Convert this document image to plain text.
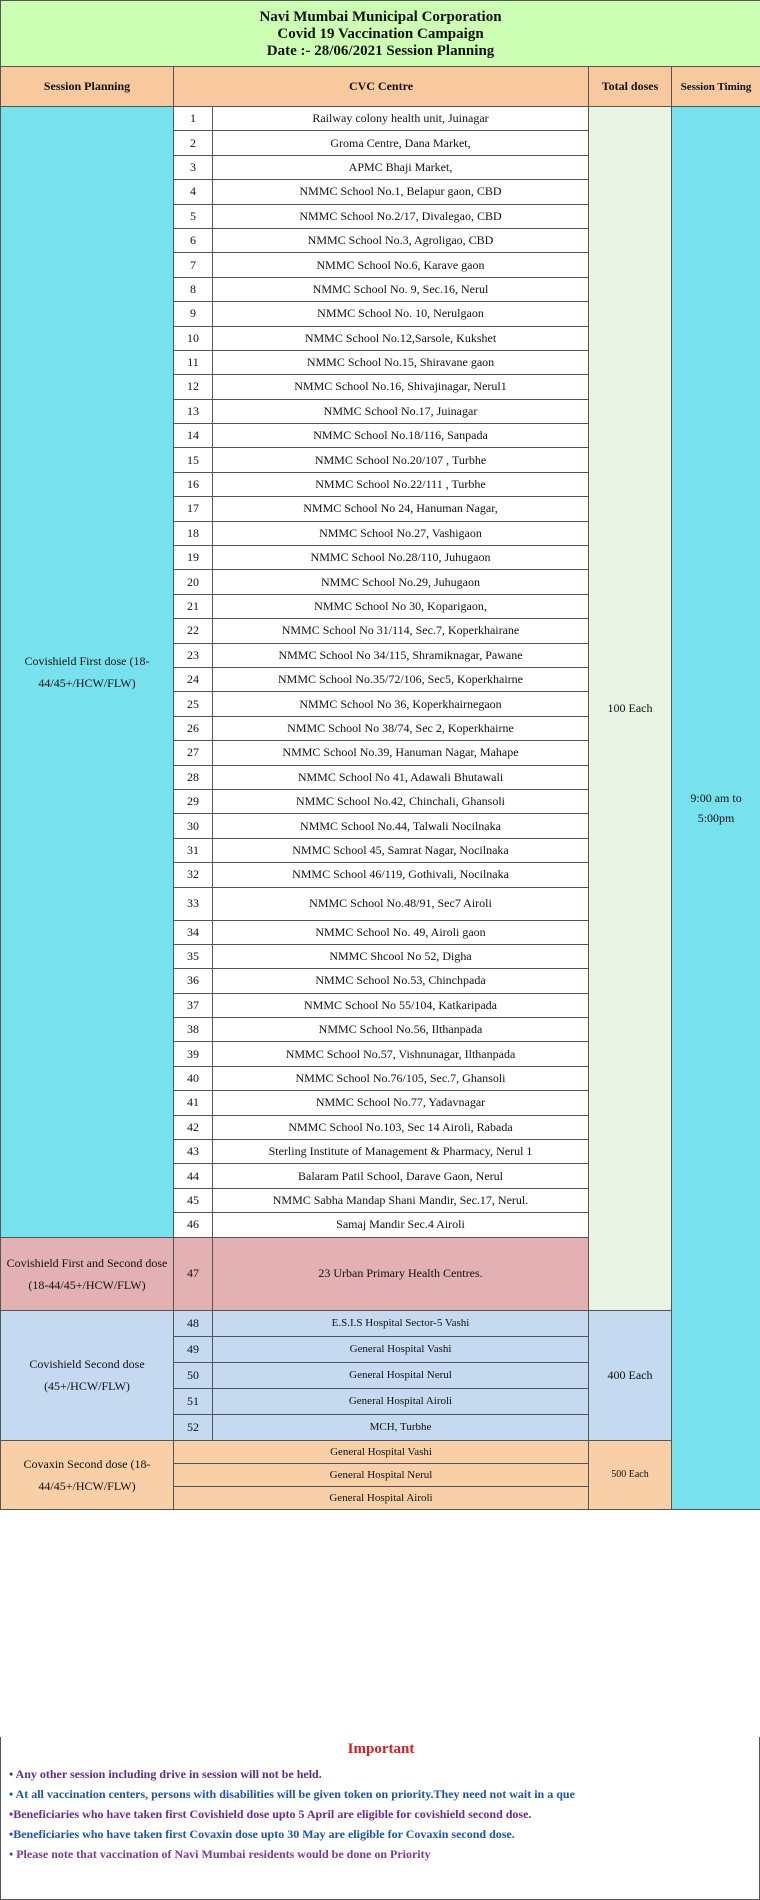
Navi Mumbai Municipal Corporation
Covid 19 Vaccination Campaign
Date :- 28/06/2021 Session Planning					

Session Planning	CVC Centre		Total doses	Session Timing	
Covishield First dose (18-44/45+/HCW/FLW)	1	Railway colony health unit, Juinagar	100 Each	9:00 am to 5:00pm	
	2	Groma Centre, Dana Market,			
	3	APMC Bhaji Market,			
	4	NMMC School No.1, Belapur gaon, CBD			
	5	NMMC School No.2/17, Divalegao, CBD			
	6	NMMC School No.3, Agroligao, CBD			
	7	NMMC School No.6, Karave gaon			
	8	NMMC School No. 9, Sec.16, Nerul			
	9	NMMC School No. 10, Nerulgaon			
	10	NMMC School No.12,Sarsole, Kukshet			
	11	NMMC School No.15, Shiravane gaon			
	12	NMMC School No.16, Shivajinagar, Nerul1			
	13	NMMC School No.17, Juinagar			
	14	NMMC School No.18/116, Sanpada			
	15	NMMC School No.20/107 , Turbhe			
	16	NMMC School No.22/111 , Turbhe			
	17	NMMC School No 24, Hanuman Nagar,			
	18	NMMC School No.27, Vashigaon			
	19	NMMC School No.28/110, Juhugaon			
	20	NMMC School No.29, Juhugaon			
	21	NMMC School No 30, Koparigaon,			
	22	NMMC School No 31/114, Sec.7, Koperkhairane			
	23	NMMC School No 34/115, Shramiknagar, Pawane			
	24	NMMC School No.35/72/106, Sec5, Koperkhairne			
	25	NMMC School No 36, Koperkhairnegaon			
	26	NMMC School No 38/74, Sec 2, Koperkhairne			
	27	NMMC School No.39, Hanuman Nagar, Mahape			
	28	NMMC School No 41, Adawali Bhutawali			
	29	NMMC School No.42, Chinchali, Ghansoli			
	30	NMMC School No.44, Talwali Nocilnaka			
	31	NMMC School 45, Samrat Nagar, Nocilnaka			
	32	NMMC School 46/119, Gothivali, Nocilnaka			
	33	NMMC School No.48/91, Sec7 Airoli			
	34	NMMC School No. 49, Airoli gaon			
	35	NMMC Shcool No 52, Digha			
	36	NMMC School No.53, Chinchpada			
	37	NMMC School No 55/104, Katkaripada			
	38	NMMC School No.56, Ilthanpada			
	39	NMMC School No.57, Vishnunagar, Ilthanpada			
	40	NMMC School No.76/105, Sec.7, Ghansoli			
	41	NMMC School No.77, Yadavnagar			
	42	NMMC School No.103, Sec 14 Airoli, Rabada			
	43	Sterling Institute of Management & Pharmacy, Nerul 1			
	44	Balaram Patil School, Darave Gaon, Nerul			
	45	NMMC Sabha Mandap Shani Mandir, Sec.17, Nerul.			
	46	Samaj Mandir Sec.4 Airoli			
Covishield First and Second dose (18-44/45+/HCW/FLW)	47	23 Urban Primary Health Centres.			
Covishield Second dose (45+/HCW/FLW)	48	E.S.I.S Hospital Sector-5 Vashi	400 Each		
	49	General Hospital Vashi			
	50	General Hospital Nerul			
	51	General Hospital Airoli			
	52	MCH, Turbhe			
Covaxin Second dose (18-44/45+/HCW/FLW)	General Hospital Vashi		500 Each		
	General Hospital Nerul				
	General Hospital Airoli				
Important
• Any other session including drive in session will not be held.
• At all vaccination centers, persons with disabilities will be given token on priority.They need not wait in a que
•Beneficiaries who have taken first Covishield dose upto 5 April are eligible for covishield second dose.
•Beneficiaries who have taken first Covaxin dose upto 30 May are eligible for Covaxin second dose.
• Please note that vaccination of Navi Mumbai residents would be done on Priority
